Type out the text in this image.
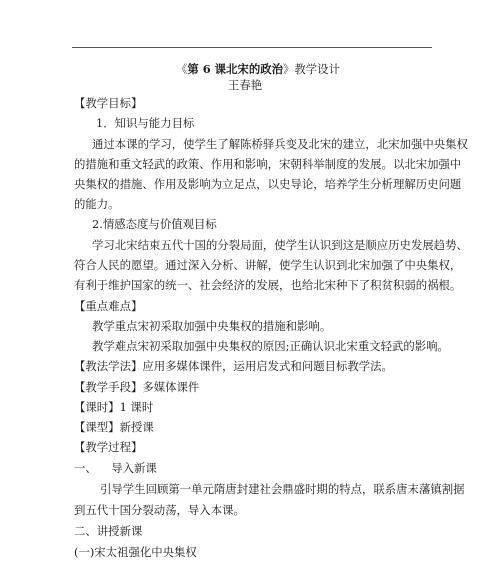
《第 6 课北宋的政治》教学设计
王春艳
【教学目标】
1．知识与能力目标
通过本课的学习，使学生了解陈桥驿兵变及北宋的建立，北宋加强中央集权
的措施和重文轻武的政策、作用和影响，宋朝科举制度的发展。以北宋加强中
央集权的措施、作用及影响为立足点，以史导论，培养学生分析理解历史问题
的能力。
2.情感态度与价值观目标
学习北宋结束五代十国的分裂局面，使学生认识到这是顺应历史发展趋势、
符合人民的愿望。通过深入分析、讲解，使学生认识到北宋加强了中央集权，
有利于维护国家的统一、社会经济的发展，也给北宋种下了积贫积弱的祸根。
【重点难点】
教学重点宋初采取加强中央集权的措施和影响。
教学难点宋初采取加强中央集权的原因;正确认识北宋重文轻武的影响。
【教法学法】应用多媒体课件，运用启发式和问题目标教学法。
【教学手段】多媒体课件
【课时】1 课时
【课型】新授课
【教学过程】
一、    导入新课
引导学生回顾第一单元隋唐封建社会鼎盛时期的特点，联系唐末藩镇割据
到五代十国分裂动荡，导入本课。
二、讲授新课
(一)宋太祖强化中央集权
